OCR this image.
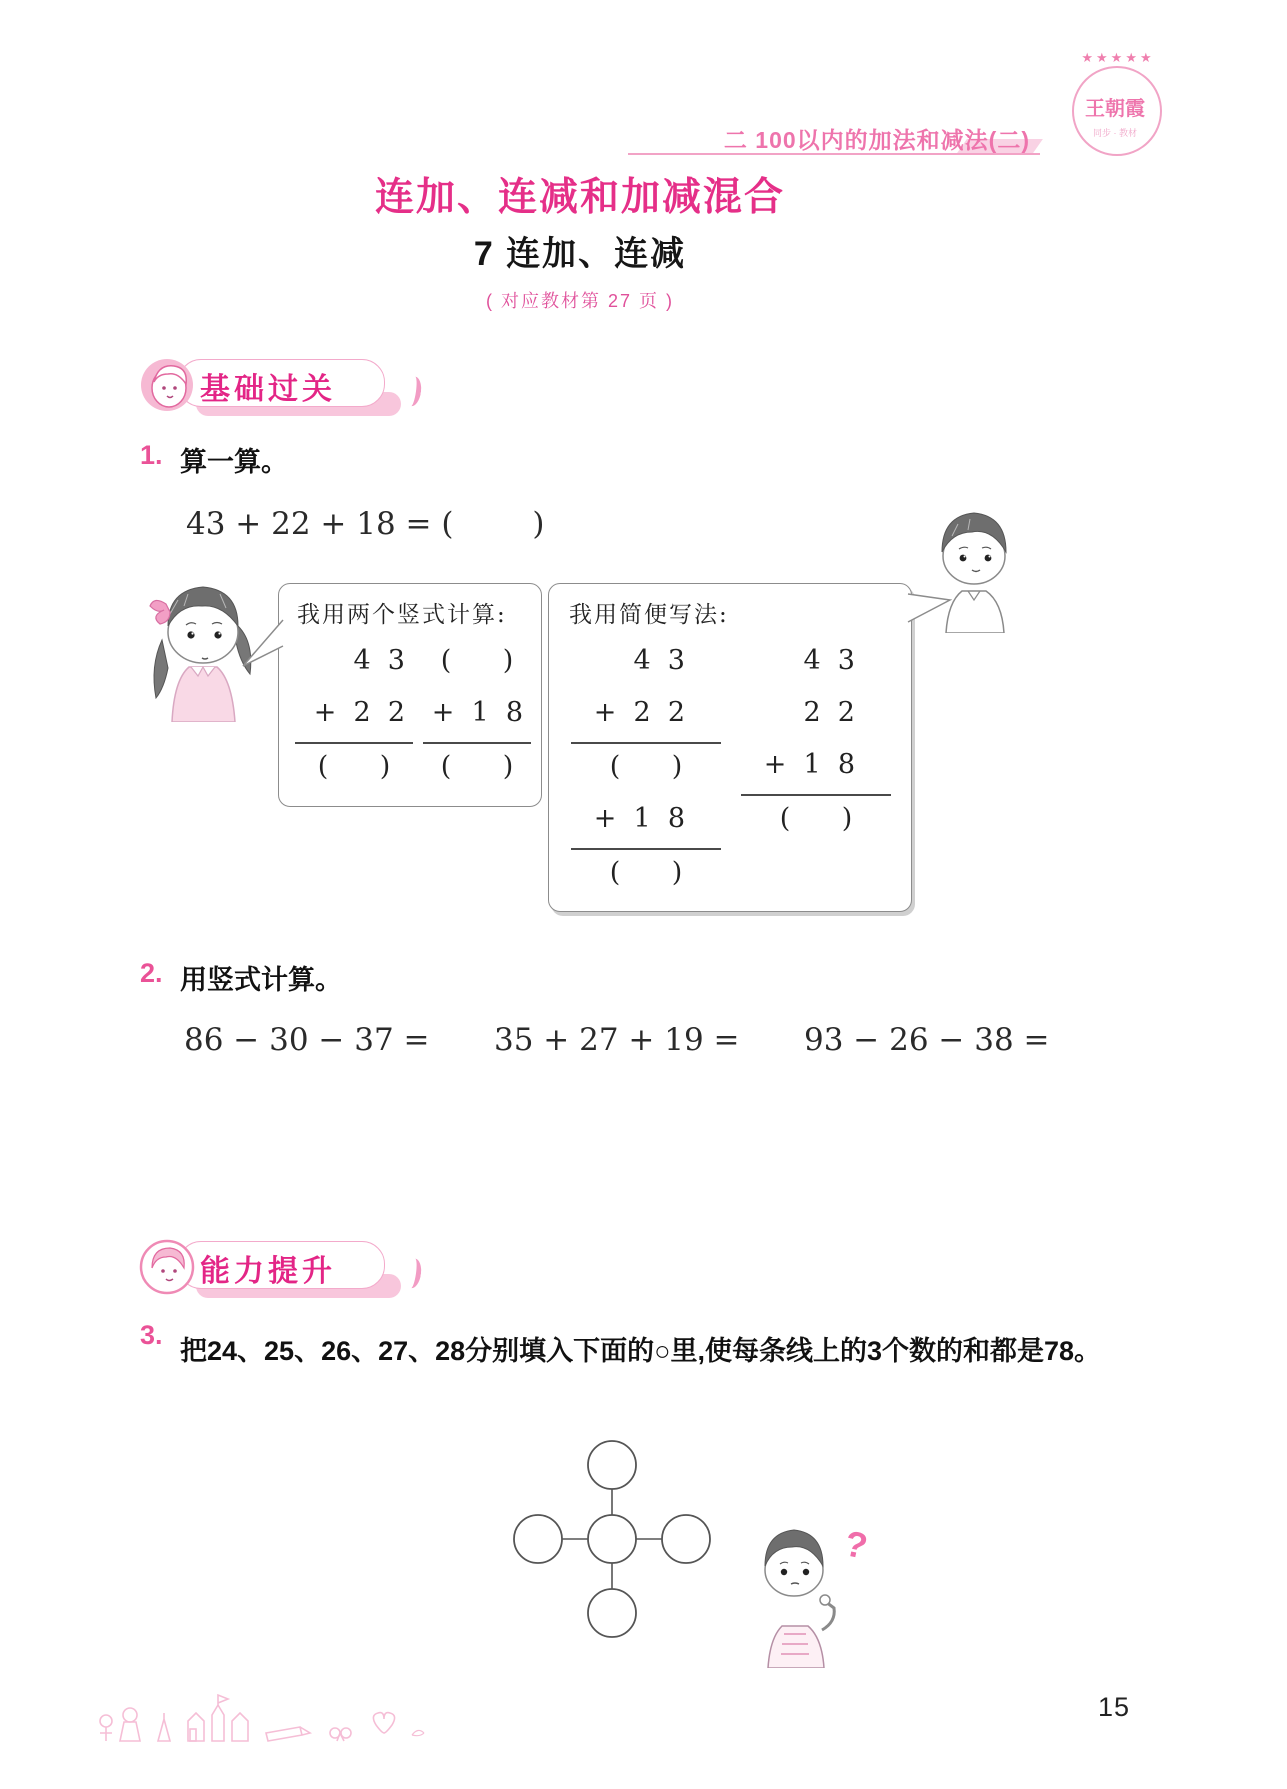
二 100以内的加法和减法(二)
★★★★★
王朝霞
同步 · 教材
连加、连减和加减混合
7 连加、连减
( 对应教材第 27 页 )
基础过关
1. 算一算。
43 + 22 + 18 = (        )
我用两个竖式计算:
4  3
+  2  2
(      )
(      )
+  1  8
(      )
我用简便写法:
4  3
+  2  2
(      )
+  1  8
(      )
4  3
2  2
+  1  8
(      )
2. 用竖式计算。
86 − 30 − 37 = 35 + 27 + 19 = 93 − 26 − 38 =
能力提升
3.
把24、25、26、27、28分别填入下面的○里,使每条线上的3个数的和都是78。
?
15
